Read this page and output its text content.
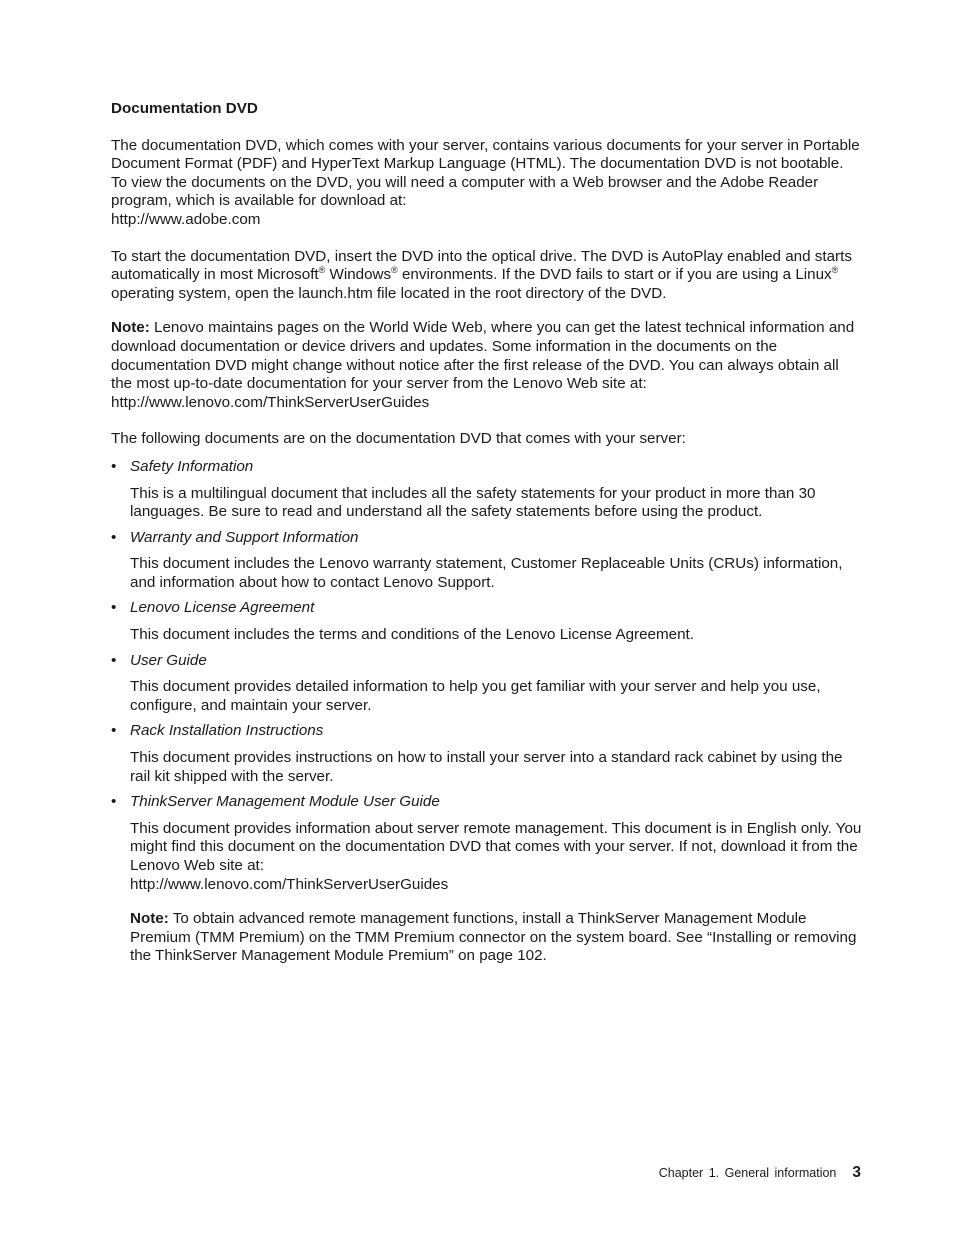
Documentation DVD

The documentation DVD, which comes with your server, contains various documents for your server in Portable Document Format (PDF) and HyperText Markup Language (HTML). The documentation DVD is not bootable. To view the documents on the DVD, you will need a computer with a Web browser and the Adobe Reader program, which is available for download at:
http://www.adobe.com

To start the documentation DVD, insert the DVD into the optical drive. The DVD is AutoPlay enabled and starts automatically in most Microsoft® Windows® environments. If the DVD fails to start or if you are using a Linux® operating system, open the launch.htm file located in the root directory of the DVD.

Note: Lenovo maintains pages on the World Wide Web, where you can get the latest technical information and download documentation or device drivers and updates. Some information in the documents on the documentation DVD might change without notice after the first release of the DVD. You can always obtain all the most up-to-date documentation for your server from the Lenovo Web site at:
http://www.lenovo.com/ThinkServerUserGuides

The following documents are on the documentation DVD that comes with your server:

• Safety Information
This is a multilingual document that includes all the safety statements for your product in more than 30 languages. Be sure to read and understand all the safety statements before using the product.
• Warranty and Support Information
This document includes the Lenovo warranty statement, Customer Replaceable Units (CRUs) information, and information about how to contact Lenovo Support.
• Lenovo License Agreement
This document includes the terms and conditions of the Lenovo License Agreement.
• User Guide
This document provides detailed information to help you get familiar with your server and help you use, configure, and maintain your server.
• Rack Installation Instructions
This document provides instructions on how to install your server into a standard rack cabinet by using the rail kit shipped with the server.
• ThinkServer Management Module User Guide
This document provides information about server remote management. This document is in English only. You might find this document on the documentation DVD that comes with your server. If not, download it from the Lenovo Web site at:
http://www.lenovo.com/ThinkServerUserGuides

Note: To obtain advanced remote management functions, install a ThinkServer Management Module Premium (TMM Premium) on the TMM Premium connector on the system board. See “Installing or removing the ThinkServer Management Module Premium” on page 102.

Chapter 1. General information 3
